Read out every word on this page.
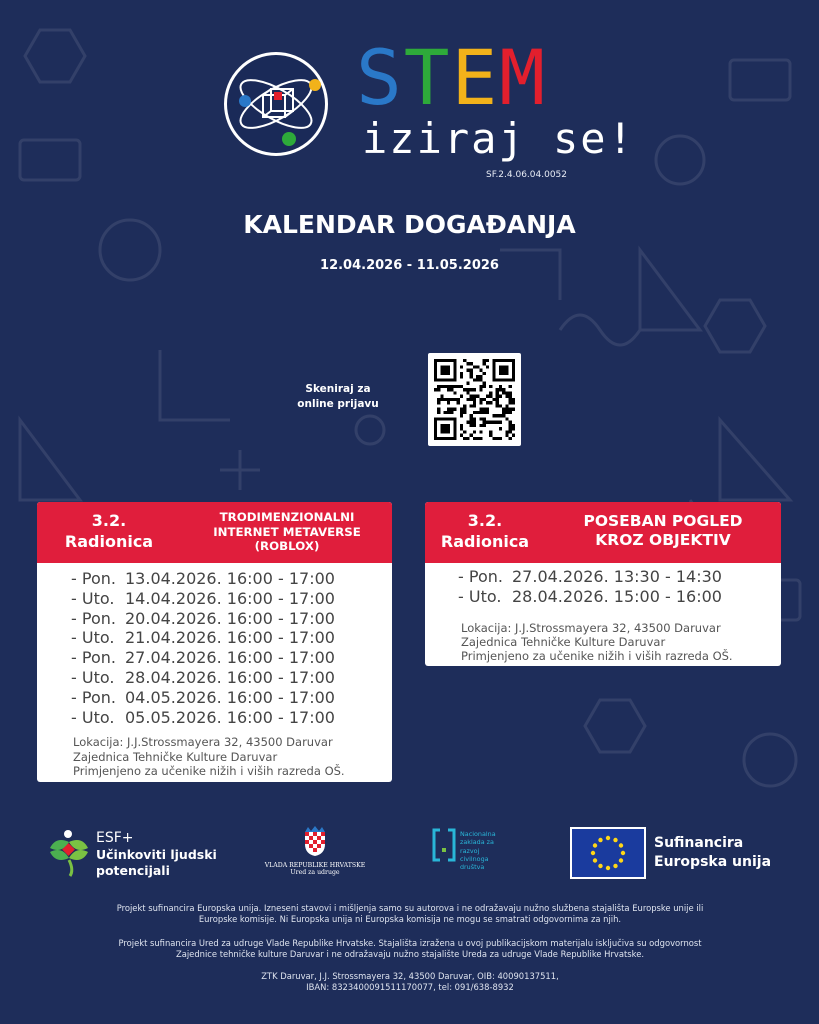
STEM
iziraj se!
SF.2.4.06.04.0052
KALENDAR DOGAĐANJA
12.04.2026 - 11.05.2026
Skeniraj za
online prijavu
3.2.
Radionica
TRODIMENZIONALNI
INTERNET METAVERSE
(ROBLOX)
- Pon. 13.04.2026. 16:00 - 17:00
- Uto. 14.04.2026. 16:00 - 17:00
- Pon. 20.04.2026. 16:00 - 17:00
- Uto. 21.04.2026. 16:00 - 17:00
- Pon. 27.04.2026. 16:00 - 17:00
- Uto. 28.04.2026. 16:00 - 17:00
- Pon. 04.05.2026. 16:00 - 17:00
- Uto. 05.05.2026. 16:00 - 17:00
Lokacija: J.J.Strossmayera 32, 43500 Daruvar
Zajednica Tehničke Kulture Daruvar
Primjenjeno za učenike nižih i viših razreda OŠ.
3.2.
Radionica
POSEBAN POGLED
KROZ OBJEKTIV
- Pon. 27.04.2026. 13:30 - 14:30
- Uto. 28.04.2026. 15:00 - 16:00
Lokacija: J.J.Strossmayera 32, 43500 Daruvar
Zajednica Tehničke Kulture Daruvar
Primjenjeno za učenike nižih i viših razreda OŠ.
ESF+
Učinkoviti ljudski
potencijali	VLADA REPUBLIKE HRVATSKE
Ured za udruge
Nacionalna
zaklada za
razvoj
civilnoga
društva
Sufinancira
Europska unija
Projekt sufinancira Europska unija. Izneseni stavovi i mišljenja samo su autorova i ne odražavaju nužno službena stajališta Europske unije ili
Europske komisije. Ni Europska unija ni Europska komisija ne mogu se smatrati odgovornima za njih.
Projekt sufinancira Ured za udruge Vlade Republike Hrvatske. Stajališta izražena u ovoj publikacijskom materijalu isključiva su odgovornost
Zajednice tehničke kulture Daruvar i ne odražavaju nužno stajalište Ureda za udruge Vlade Republike Hrvatske.
ZTK Daruvar, J.J. Strossmayera 32, 43500 Daruvar, OIB: 40090137511,
IBAN: 8323400091511170077, tel: 091/638-8932
